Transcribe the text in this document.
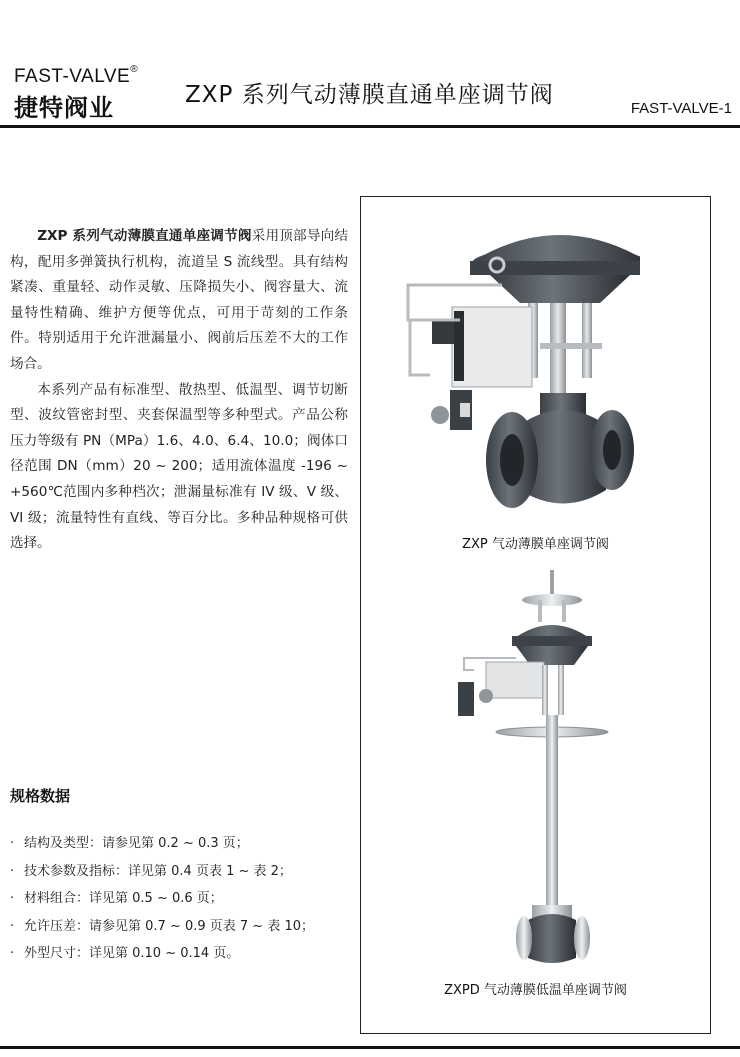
FAST-VALVE®
捷特阀业	ZXP 系列气动薄膜直通单座调节阀
FAST-VALVE-1

ZXP 系列气动薄膜直通单座调节阀采用顶部导向结构，配用多弹簧执行机构，流道呈 S 流线型。具有结构紧凑、重量轻、动作灵敏、压降损失小、阀容量大、流量特性精确、维护方便等优点，可用于苛刻的工作条件。特别适用于允许泄漏量小、阀前后压差不大的工作场合。

本系列产品有标准型、散热型、低温型、调节切断型、波纹管密封型、夹套保温型等多种型式。产品公称压力等级有 PN（MPa）1.6、4.0、6.4、10.0；阀体口径范围 DN（mm）20 ~ 200；适用流体温度 -196 ~ +560℃范围内多种档次；泄漏量标准有 IV 级、V 级、VI 级；流量特性有直线、等百分比。多种品种规格可供选择。

规格数据
· 结构及类型：请参见第 0.2 ~ 0.3 页；
· 技术参数及指标：详见第 0.4 页表 1 ~ 表 2；
· 材料组合：详见第 0.5 ~ 0.6 页；
· 允许压差：请参见第 0.7 ~ 0.9 页表 7 ~ 表 10；
· 外型尺寸：详见第 0.10 ~ 0.14 页。
ZXP 气动薄膜单座调节阀
ZXPD 气动薄膜低温单座调节阀
